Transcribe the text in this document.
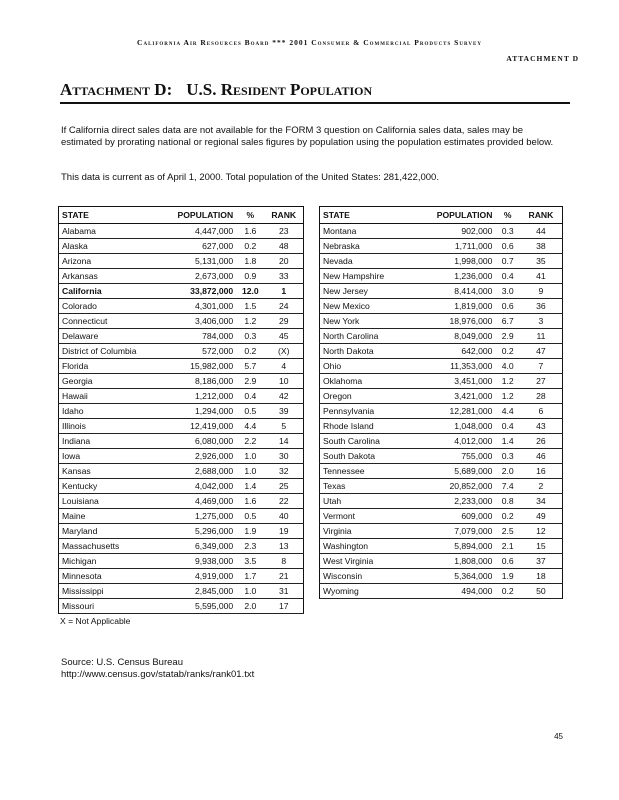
California Air Resources Board *** 2001 Consumer & Commercial Products Survey
ATTACHMENT D
Attachment D: U.S. Resident Population
If California direct sales data are not available for the FORM 3 question on California sales data, sales may be estimated by prorating national or regional sales figures by population using the population estimates provided below.
This data is current as of April 1, 2000. Total population of the United States: 281,422,000.
STATE	POPULATION	%	RANK
Alabama	4,447,000	1.6	23
Alaska	627,000	0.2	48
Arizona	5,131,000	1.8	20
Arkansas	2,673,000	0.9	33
California	33,872,000	12.0	1
Colorado	4,301,000	1.5	24
Connecticut	3,406,000	1.2	29
Delaware	784,000	0.3	45
District of Columbia	572,000	0.2	(X)
Florida	15,982,000	5.7	4
Georgia	8,186,000	2.9	10
Hawaii	1,212,000	0.4	42
Idaho	1,294,000	0.5	39
Illinois	12,419,000	4.4	5
Indiana	6,080,000	2.2	14
Iowa	2,926,000	1.0	30
Kansas	2,688,000	1.0	32
Kentucky	4,042,000	1.4	25
Louisiana	4,469,000	1.6	22
Maine	1,275,000	0.5	40
Maryland	5,296,000	1.9	19
Massachusetts	6,349,000	2.3	13
Michigan	9,938,000	3.5	8
Minnesota	4,919,000	1.7	21
Mississippi	2,845,000	1.0	31
Missouri	5,595,000	2.0	17
STATE	POPULATION	%	RANK
Montana	902,000	0.3	44
Nebraska	1,711,000	0.6	38
Nevada	1,998,000	0.7	35
New Hampshire	1,236,000	0.4	41
New Jersey	8,414,000	3.0	9
New Mexico	1,819,000	0.6	36
New York	18,976,000	6.7	3
North Carolina	8,049,000	2.9	11
North Dakota	642,000	0.2	47
Ohio	11,353,000	4.0	7
Oklahoma	3,451,000	1.2	27
Oregon	3,421,000	1.2	28
Pennsylvania	12,281,000	4.4	6
Rhode Island	1,048,000	0.4	43
South Carolina	4,012,000	1.4	26
South Dakota	755,000	0.3	46
Tennessee	5,689,000	2.0	16
Texas	20,852,000	7.4	2
Utah	2,233,000	0.8	34
Vermont	609,000	0.2	49
Virginia	7,079,000	2.5	12
Washington	5,894,000	2.1	15
West Virginia	1,808,000	0.6	37
Wisconsin	5,364,000	1.9	18
Wyoming	494,000	0.2	50
X = Not Applicable
Source: U.S. Census Bureau
http://www.census.gov/statab/ranks/rank01.txt
45
